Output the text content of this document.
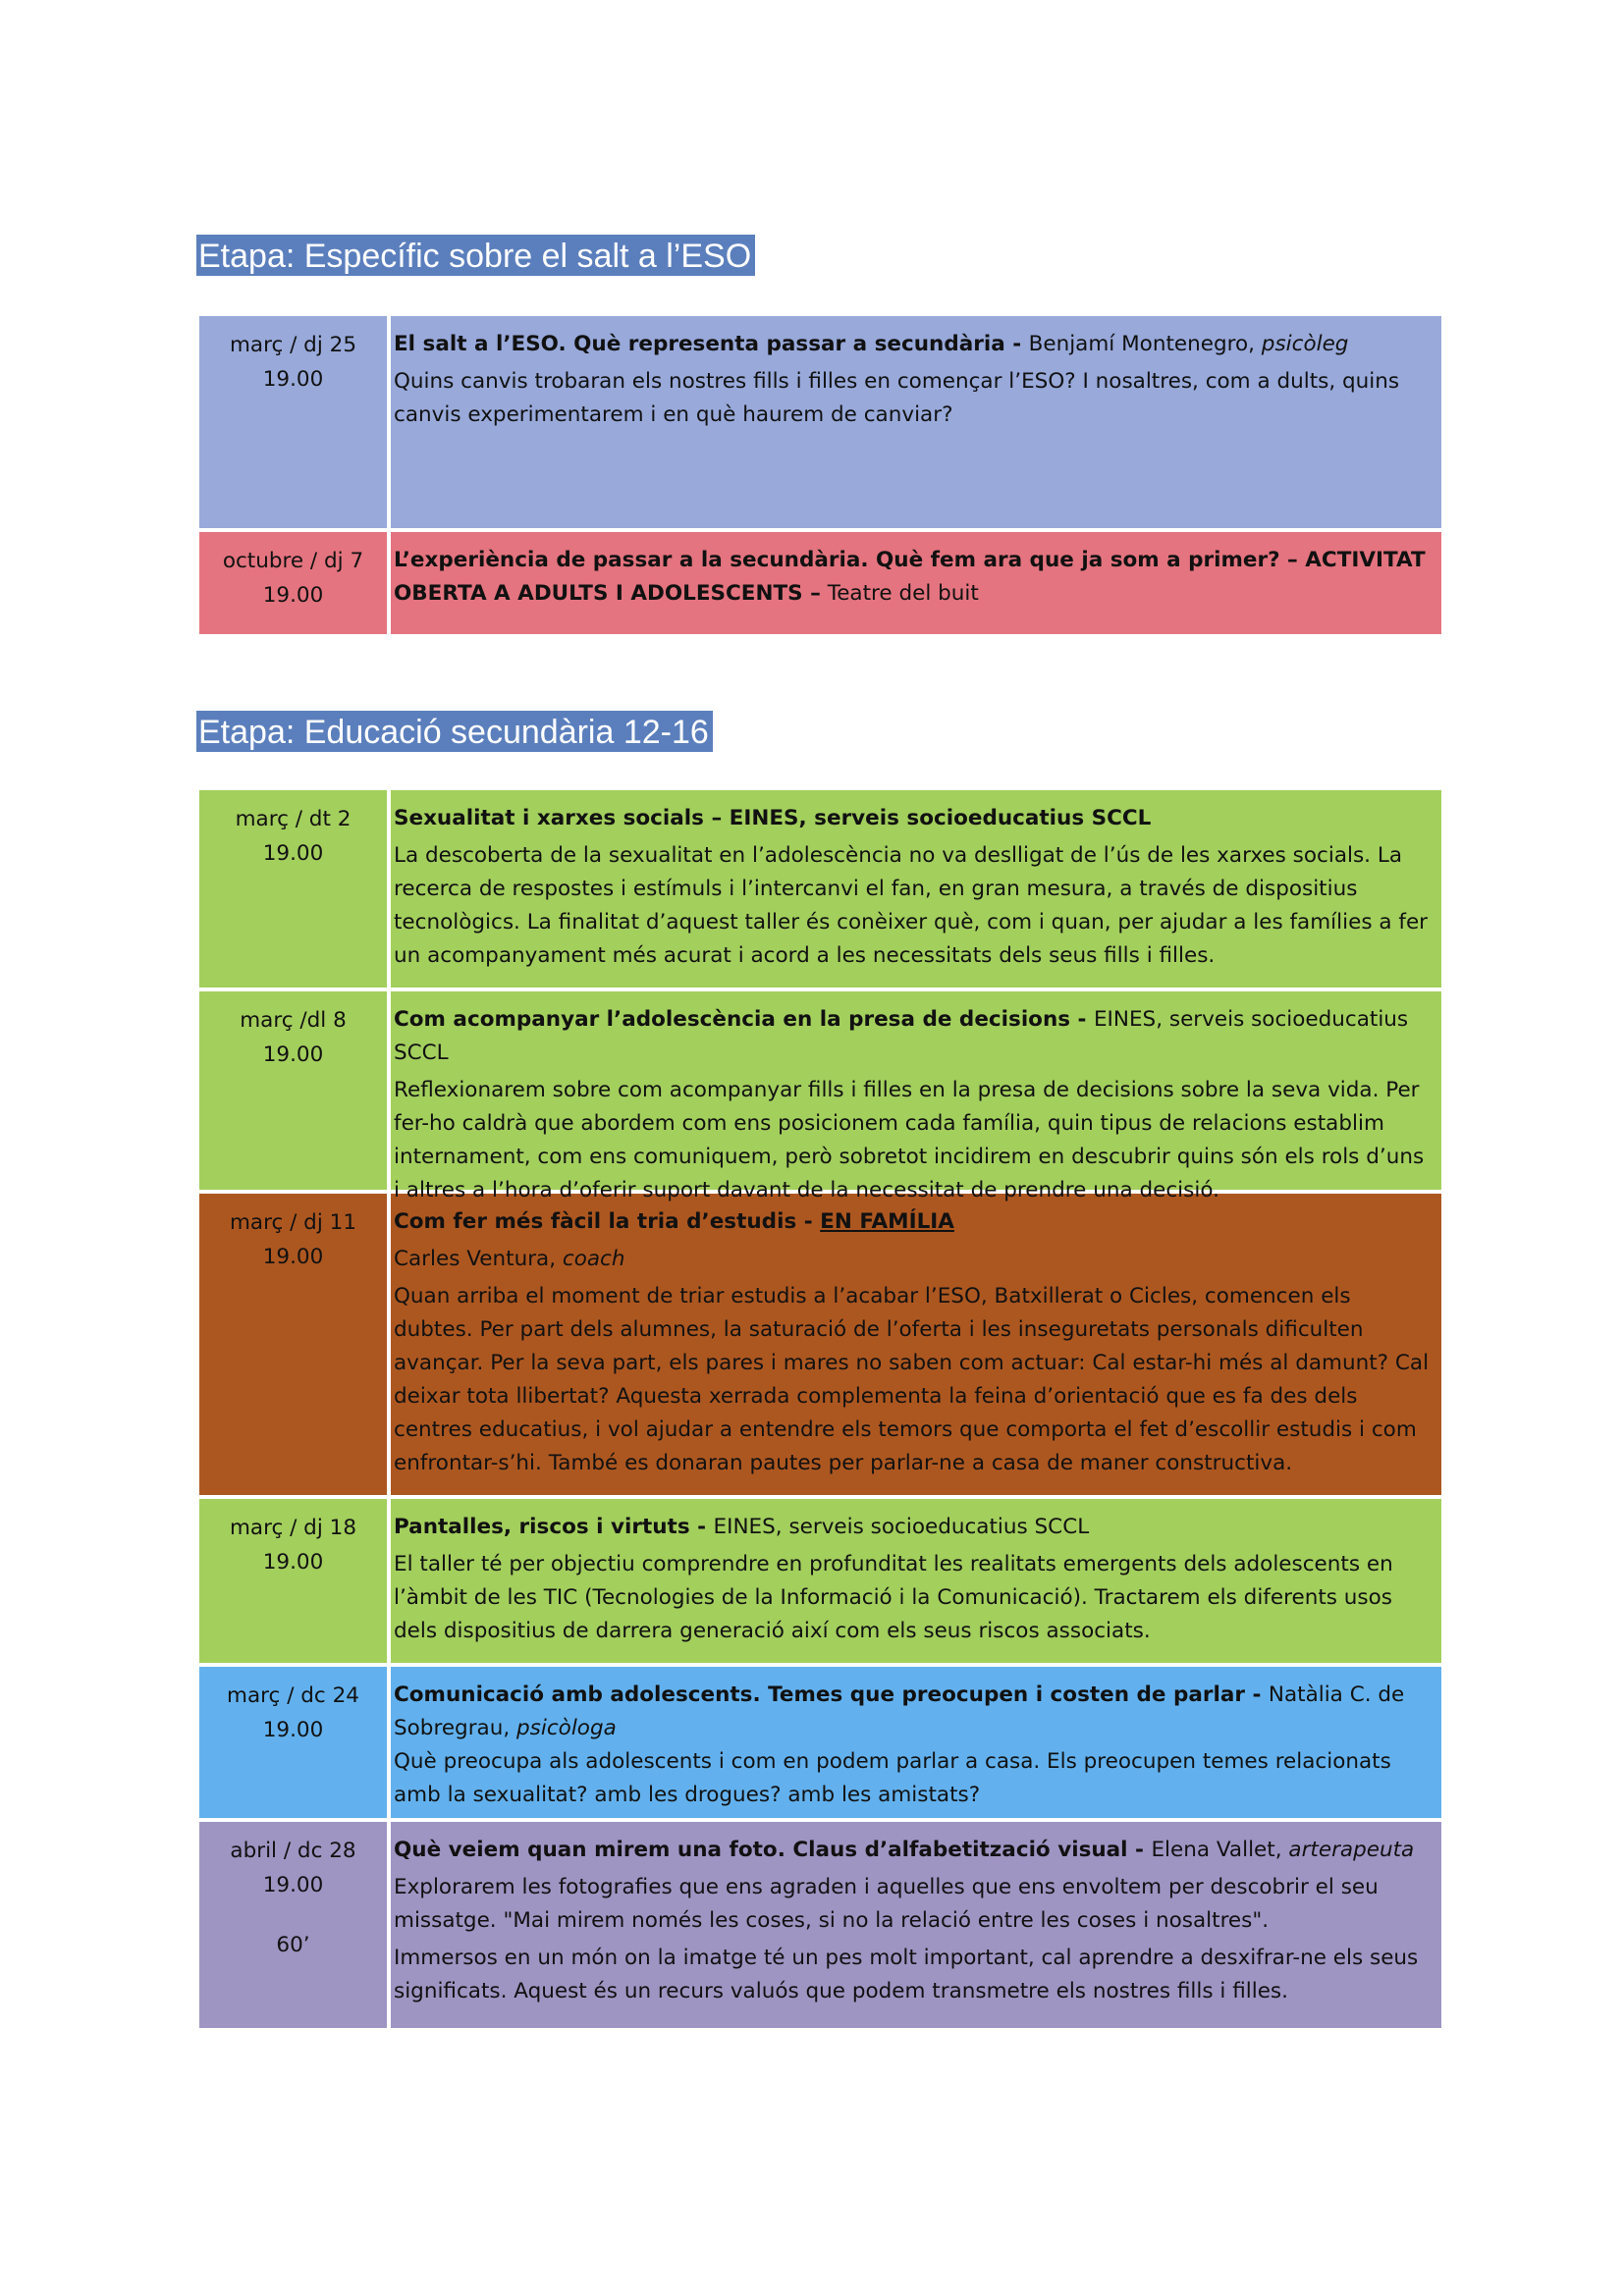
Etapa: Específic sobre el salt a l’ESO
març / dj 25
19.00

El salt a l’ESO. Què representa passar a secundària - Benjamí Montenegro, psicòleg

Quins canvis trobaran els nostres fills i filles en començar l’ESO? I nosaltres, com a dults, quins canvis experimentarem i en què haurem de canviar?

octubre / dj 7
19.00

L’experiència de passar a la secundària. Què fem ara que ja som a primer? – ACTIVITAT OBERTA A ADULTS I ADOLESCENTS – Teatre del buit

Etapa: Educació secundària 12-16
març / dt 2
19.00

Sexualitat i xarxes socials – EINES, serveis socioeducatius SCCL

La descoberta de la sexualitat en l’adolescència no va deslligat de l’ús de les xarxes socials. La recerca de respostes i estímuls i l’intercanvi el fan, en gran mesura, a través de dispositius tecnològics. La finalitat d’aquest taller és conèixer què, com i quan, per ajudar a les famílies a fer un acompanyament més acurat i acord a les necessitats dels seus fills i filles.

març /dl 8
19.00

Com acompanyar l’adolescència en la presa de decisions - EINES, serveis socioeducatius SCCL

Reflexionarem sobre com acompanyar fills i filles en la presa de decisions sobre la seva vida. Per fer-ho caldrà que abordem com ens posicionem cada família, quin tipus de relacions establim internament, com ens comuniquem, però sobretot incidirem en descubrir quins són els rols d’uns i altres a l’hora d’oferir suport davant de la necessitat de prendre una decisió.

març / dj 11
19.00

Com fer més fàcil la tria d’estudis - EN FAMÍLIA

Carles Ventura, coach

Quan arriba el moment de triar estudis a l’acabar l’ESO, Batxillerat o Cicles, comencen els dubtes. Per part dels alumnes, la saturació de l’oferta i les inseguretats personals dificulten avançar. Per la seva part, els pares i mares no saben com actuar: Cal estar-hi més al damunt? Cal deixar tota llibertat? Aquesta xerrada complementa la feina d’orientació que es fa des dels centres educatius, i vol ajudar a entendre els temors que comporta el fet d’escollir estudis i com enfrontar-s’hi. També es donaran pautes per parlar-ne a casa de maner constructiva.

març / dj 18
19.00

Pantalles, riscos i virtuts - EINES, serveis socioeducatius SCCL

El taller té per objectiu comprendre en profunditat les realitats emergents dels adolescents en l’àmbit de les TIC (Tecnologies de la Informació i la Comunicació). Tractarem els diferents usos dels dispositius de darrera generació així com els seus riscos associats.

març / dc 24
19.00

Comunicació amb adolescents. Temes que preocupen i costen de parlar - Natàlia C. de Sobregrau, psicòloga

Què preocupa als adolescents i com en podem parlar a casa. Els preocupen temes relacionats amb la sexualitat? amb les drogues? amb les amistats?

abril / dc 28
19.00
60’

Què veiem quan mirem una foto. Claus d’alfabetització visual - Elena Vallet, arterapeuta

Explorarem les fotografies que ens agraden i aquelles que ens envoltem per descobrir el seu missatge. "Mai mirem només les coses, si no la relació entre les coses i nosaltres".

Immersos en un món on la imatge té un pes molt important, cal aprendre a desxifrar-ne els seus significats. Aquest és un recurs valuós que podem transmetre els nostres fills i filles.
